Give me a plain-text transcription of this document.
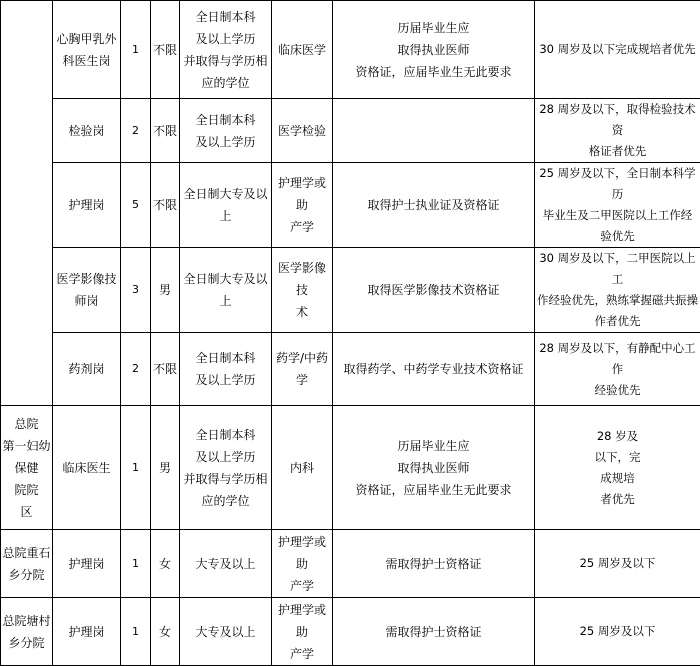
	心胸甲乳外
科医生岗	1	不限	全日制本科
及以上学历
并取得与学历相
应的学位	临床医学	历届毕业生应
取得执业医师
资格证，应届毕业生无此要求	30 周岁及以下完成规培者优先
	检验岗	2	不限	全日制本科
及以上学历	医学检验		28 周岁及以下，取得检验技术资
格证者优先
	护理岗	5	不限	全日制大专及以
上	护理学或助
产学	取得护士执业证及资格证	25 周岁及以下，全日制本科学历
毕业生及二甲医院以上工作经
验优先
	医学影像技
师岗	3	男	全日制大专及以
上	医学影像技
术	取得医学影像技术资格证	30 周岁及以下，二甲医院以上工
作经验优先，熟练掌握磁共振操
作者优先
	药剂岗	2	不限	全日制本科
及以上学历	药学/中药
学	取得药学、中药学专业技术资格证	28 周岁及以下，有静配中心工作
经验优先
总院
第一妇幼
保健
院院
区	临床医生	1	男	全日制本科
及以上学历
并取得与学历相
应的学位	内科	历届毕业生应
取得执业医师
资格证，应届毕业生无此要求	28 岁及
以下，完
成规培
者优先
总院重石
乡分院	护理岗	1	女	大专及以上	护理学或助
产学	需取得护士资格证	25 周岁及以下
总院塘村
乡分院	护理岗	1	女	大专及以上	护理学或助
产学	需取得护士资格证	25 周岁及以下
